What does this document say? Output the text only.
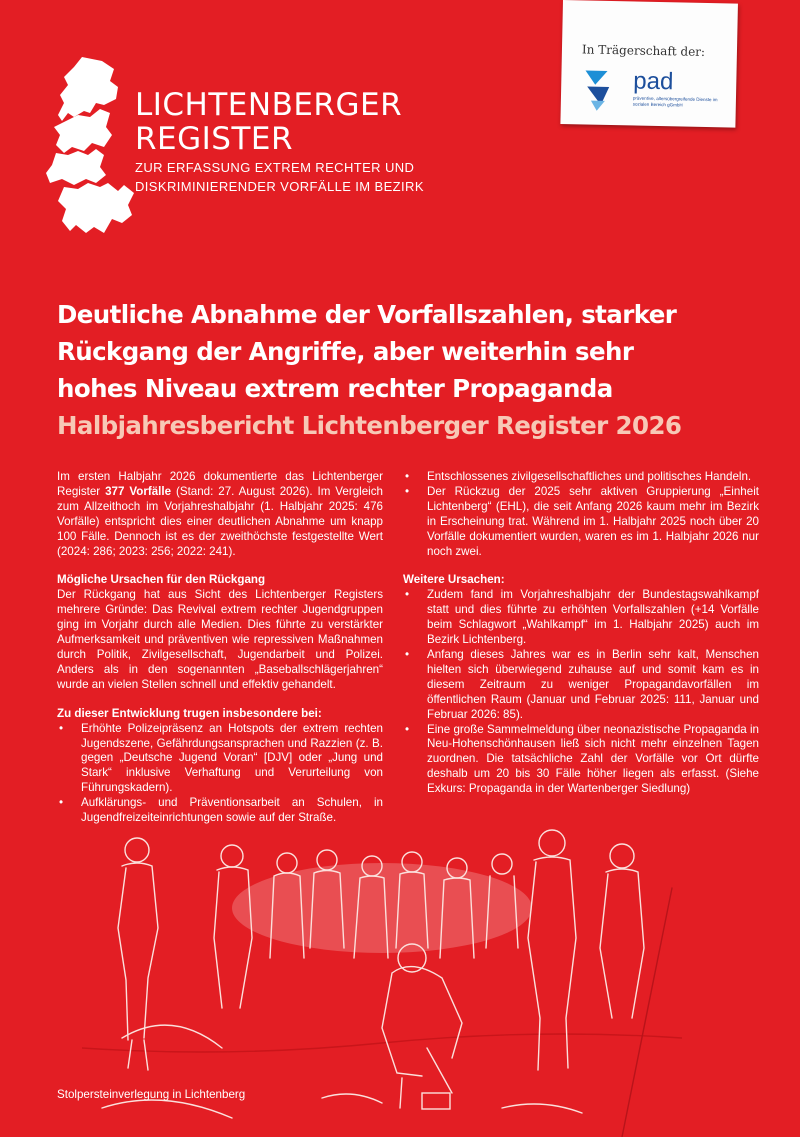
LICHTENBERGER
REGISTER
ZUR ERFASSUNG EXTREM RECHTER UND
DISKRIMINIERENDER VORFÄLLE IM BEZIRK
In Trägerschaft der:
pad
präventive, altersübergreifende Dienste im sozialen Bereich gGmbH
Deutliche Abnahme der Vorfallszahlen, starker
Rückgang der Angriffe, aber weiterhin sehr
hohes Niveau extrem rechter Propaganda
Halbjahresbericht Lichtenberger Register 2026

Im ersten Halbjahr 2026 dokumentierte das Lichtenberger Register 377 Vorfälle (Stand: 27. August 2026). Im Vergleich zum Allzeithoch im Vorjahreshalbjahr (1. Halbjahr 2025: 476 Vorfälle) entspricht dies einer deutlichen Abnahme um knapp 100 Fälle. Dennoch ist es der zweithöchste festgestellte Wert (2024: 286; 2023: 256; 2022: 241).

Mögliche Ursachen für den Rückgang

Der Rückgang hat aus Sicht des Lichtenberger Registers mehrere Gründe: Das Revival extrem rechter Jugendgruppen ging im Vorjahr durch alle Medien. Dies führte zu verstärkter Aufmerksamkeit und präventiven wie repressiven Maßnahmen durch Politik, Zivilgesellschaft, Jugendarbeit und Polizei. Anders als in den sogenannten „Baseballschlägerjahren“ wurde an vielen Stellen schnell und effektiv gehandelt.

Zu dieser Entwicklung trugen insbesondere bei:
• Erhöhte Polizeipräsenz an Hotspots der extrem rechten Jugendszene, Gefährdungsansprachen und Razzien (z. B. gegen „Deutsche Jugend Voran“ [DJV] oder „Jung und Stark“ inklusive Verhaftung und Verurteilung von Führungskadern).
• Aufklärungs- und Präventionsarbeit an Schulen, in Jugendfreizeiteinrichtungen sowie auf der Straße.
• Entschlossenes zivilgesellschaftliches und politisches Handeln.
• Der Rückzug der 2025 sehr aktiven Gruppierung „Einheit Lichtenberg“ (EHL), die seit Anfang 2026 kaum mehr im Bezirk in Erscheinung trat. Während im 1. Halbjahr 2025 noch über 20 Vorfälle dokumentiert wurden, waren es im 1. Halbjahr 2026 nur noch zwei.
Weitere Ursachen:
• Zudem fand im Vorjahreshalbjahr der Bundestagswahlkampf statt und dies führte zu erhöhten Vorfallszahlen (+14 Vorfälle beim Schlagwort „Wahlkampf“ im 1. Halbjahr 2025) auch im Bezirk Lichtenberg.
• Anfang dieses Jahres war es in Berlin sehr kalt, Menschen hielten sich überwiegend zuhause auf und somit kam es in diesem Zeitraum zu weniger Propagandavorfällen im öffentlichen Raum (Januar und Februar 2025: 111, Januar und Februar 2026: 85).
• Eine große Sammelmeldung über neonazistische Propaganda in Neu-Hohenschönhausen ließ sich nicht mehr einzelnen Tagen zuordnen. Die tatsächliche Zahl der Vorfälle vor Ort dürfte deshalb um 20 bis 30 Fälle höher liegen als erfasst. (Siehe Exkurs: Propaganda in der Wartenberger Siedlung)
Stolpersteinverlegung in Lichtenberg
